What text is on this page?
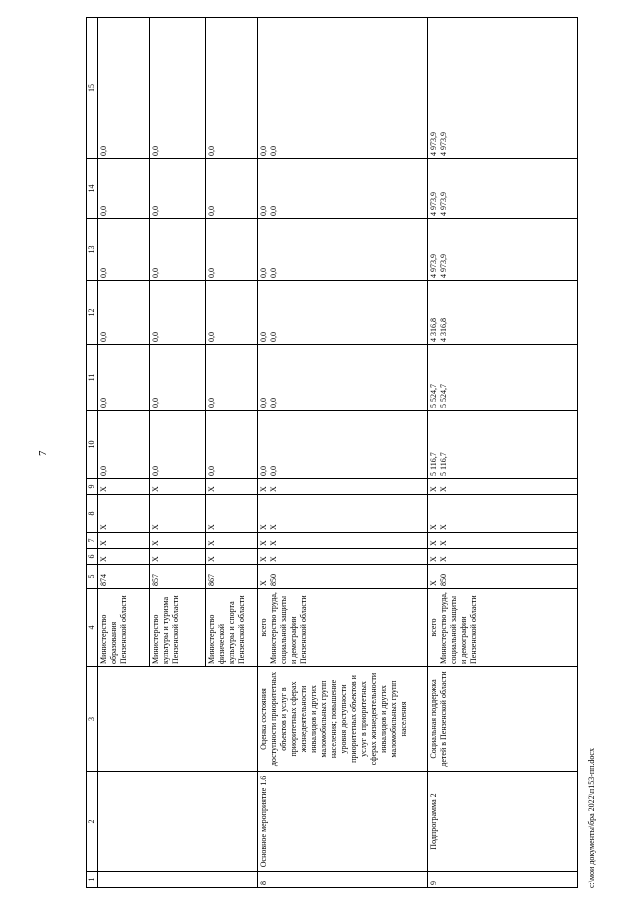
7
1	2	3	4	5	6	7	8	9	10	11	12	13	14	15
			Министерство образования Пензенской области	874	X	X	X	X	0,0	0,0	0,0	0,0	0,0	0,0
			Министерство культуры и туризма Пензенской области	857	X	X	X	X	0,0	0,0	0,0	0,0	0,0	0,0
			Министерство физической культуры и спорта Пензенской области	867	X	X	X	X	0,0	0,0	0,0	0,0	0,0	0,0
8	Основное мероприятие 1.6	Оценка состояния доступности приоритетных объектов и услуг в приоритетных сферах жизнедеятельности инвалидов и других маломобильных групп населения; повышение уровня доступности приоритетных объектов и услуг в приоритетных сферах жизнедеятельности инвалидов и других маломобильных групп населения	всего Министерство труда, социальной защиты и демографии Пензенской области	X 850	X X	X X	X X	X X	0,0 0,0	0,0 0,0	0,0 0,0	0,0 0,0	0,0 0,0	0,0 0,0

9	Подпрограмма 2	Социальная поддержка детей в Пензенской области	всего Министерство труда, социальной защиты и демографии Пензенской области	X 850	X X	X X	X X	X X	5 116,7 5 116,7	5 524,7 5 524,7	4 316,8 4 316,8	4 973,9 4 973,9	4 973,9 4 973,9	4 973,9 4 973,9
c:\мои документы\бра 2022\п153-пп.docx
